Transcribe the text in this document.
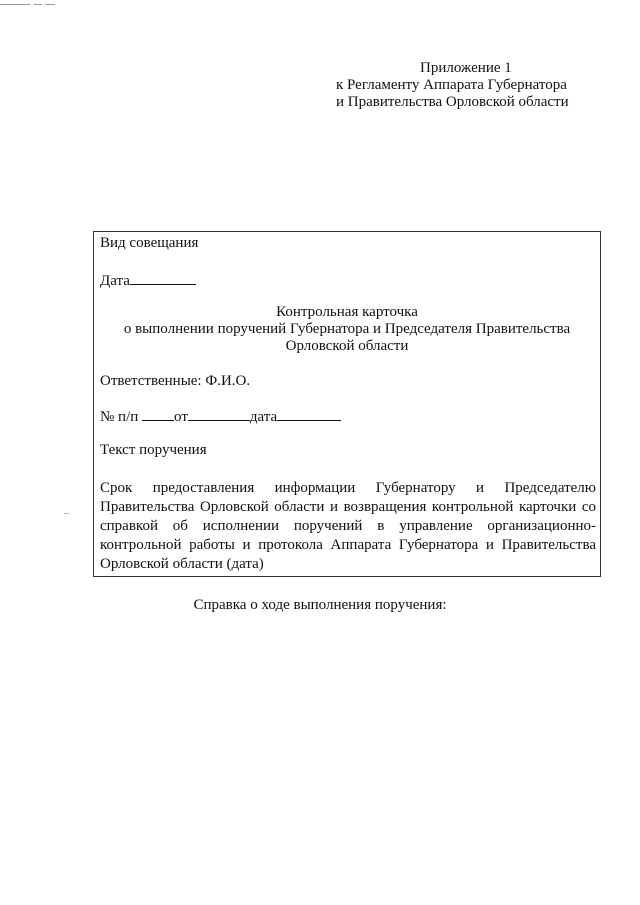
Приложение 1
к Регламенту Аппарата Губернатора
и Правительства Орловской области
Вид совещания
Дата
Контрольная карточка
о выполнении поручений Губернатора и Председателя Правительства
Орловской области
Ответственные: Ф.И.О.
№ п/п от	дата
Текст поручения
Срок предоставления информации Губернатору и Председателю Правительства Орловской области и возвращения контрольной карточки со справкой об исполнении поручений в управление организационно-контрольной работы и протокола Аппарата Губернатора и Правительства Орловской области (дата)
Справка о ходе выполнения поручения:
